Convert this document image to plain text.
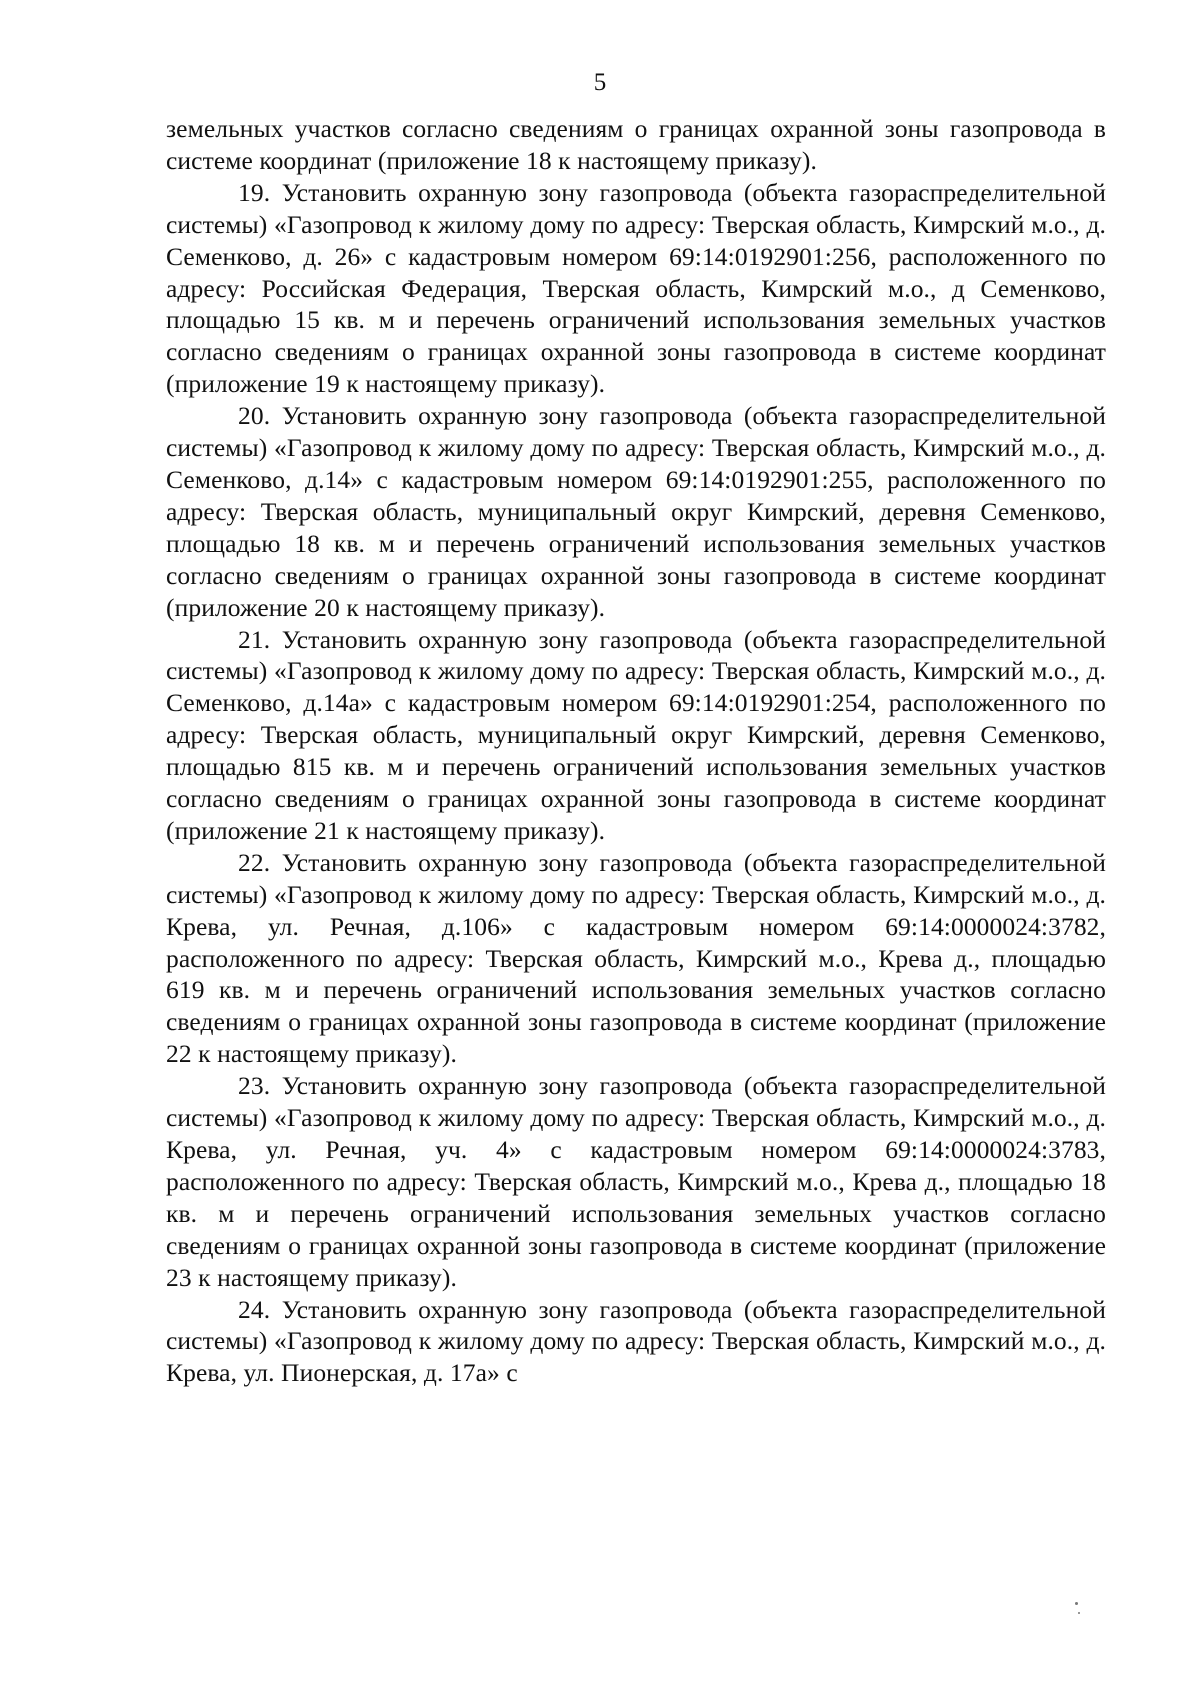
5

земельных участков согласно сведениям о границах охранной зоны газопровода в системе координат (приложение 18 к настоящему приказу).

19. Установить охранную зону газопровода (объекта газораспределительной системы) «Газопровод к жилому дому по адресу: Тверская область, Кимрский м.о., д. Семенково, д. 26» с кадастровым номером 69:14:0192901:256, расположенного по адресу: Российская Федерация, Тверская область, Кимрский м.о., д Семенково, площадью 15 кв. м и перечень ограничений использования земельных участков согласно сведениям о границах охранной зоны газопровода в системе координат (приложение 19 к настоящему приказу).

20. Установить охранную зону газопровода (объекта газораспределительной системы) «Газопровод к жилому дому по адресу: Тверская область, Кимрский м.о., д. Семенково, д.14» с кадастровым номером 69:14:0192901:255, расположенного по адресу: Тверская область, муниципальный округ Кимрский, деревня Семенково, площадью 18 кв. м и перечень ограничений использования земельных участков согласно сведениям о границах охранной зоны газопровода в системе координат (приложение 20 к настоящему приказу).

21. Установить охранную зону газопровода (объекта газораспределительной системы) «Газопровод к жилому дому по адресу: Тверская область, Кимрский м.о., д. Семенково, д.14а» с кадастровым номером 69:14:0192901:254, расположенного по адресу: Тверская область, муниципальный округ Кимрский, деревня Семенково, площадью 815 кв. м и перечень ограничений использования земельных участков согласно сведениям о границах охранной зоны газопровода в системе координат (приложение 21 к настоящему приказу).

22. Установить охранную зону газопровода (объекта газораспределительной системы) «Газопровод к жилому дому по адресу: Тверская область, Кимрский м.о., д. Крева, ул. Речная, д.106» с кадастровым номером 69:14:0000024:3782, расположенного по адресу: Тверская область, Кимрский м.о., Крева д., площадью 619 кв. м и перечень ограничений использования земельных участков согласно сведениям о границах охранной зоны газопровода в системе координат (приложение 22 к настоящему приказу).

23. Установить охранную зону газопровода (объекта газораспределительной системы) «Газопровод к жилому дому по адресу: Тверская область, Кимрский м.о., д. Крева, ул. Речная, уч. 4» с кадастровым номером 69:14:0000024:3783, расположенного по адресу: Тверская область, Кимрский м.о., Крева д., площадью 18 кв. м и перечень ограничений использования земельных участков согласно сведениям о границах охранной зоны газопровода в системе координат (приложение 23 к настоящему приказу).

24. Установить охранную зону газопровода (объекта газораспределительной системы) «Газопровод к жилому дому по адресу: Тверская область, Кимрский м.о., д. Крева, ул. Пионерская, д. 17а» с
